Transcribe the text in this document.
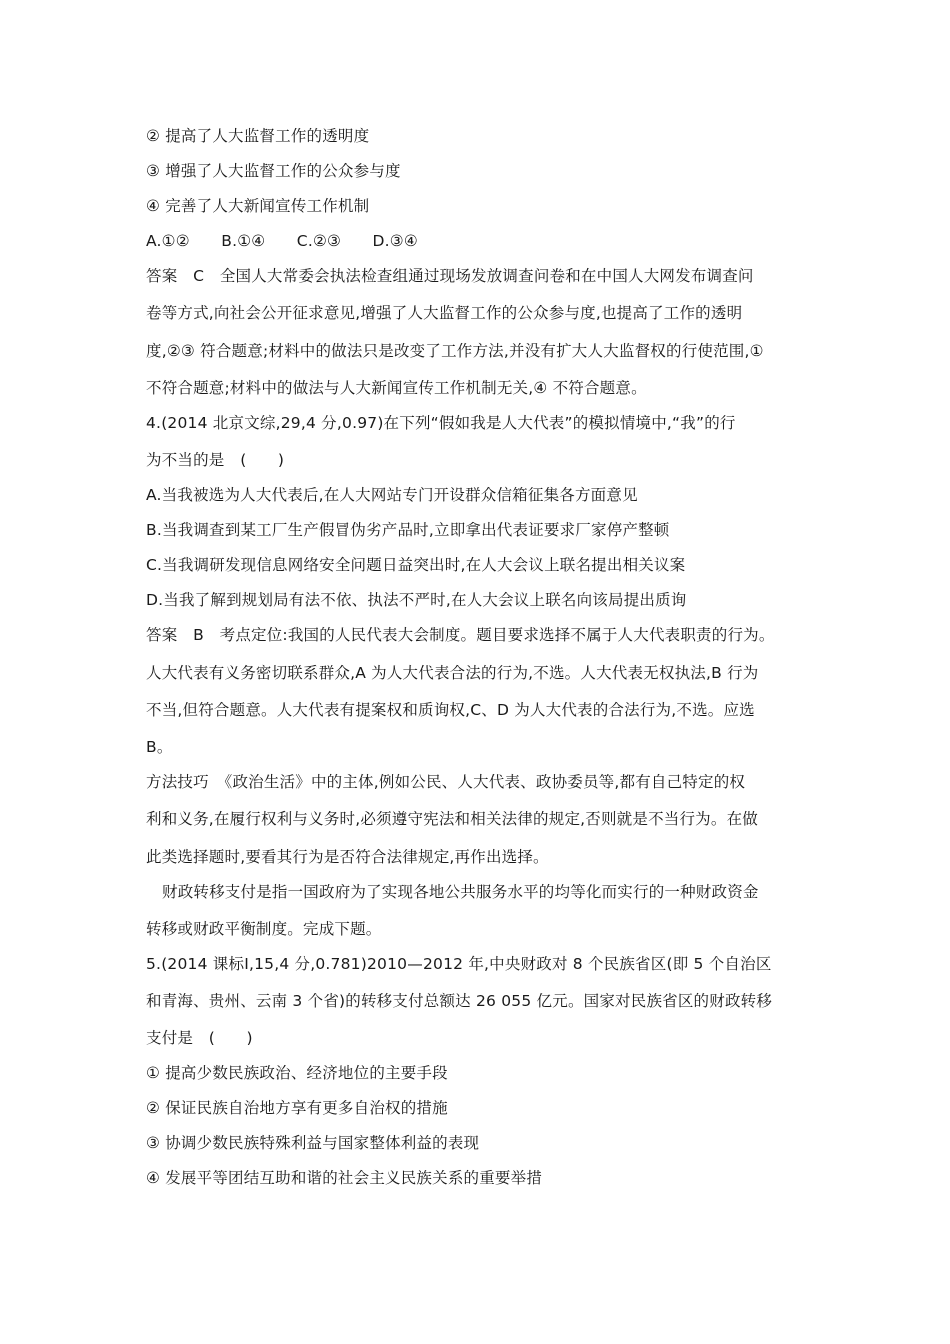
② 提高了人大监督工作的透明度
③ 增强了人大监督工作的公众参与度
④ 完善了人大新闻宣传工作机制
A.①②　　B.①④　　C.②③　　D.③④
答案　C　全国人大常委会执法检查组通过现场发放调查问卷和在中国人大网发布调查问
卷等方式,向社会公开征求意见,增强了人大监督工作的公众参与度,也提高了工作的透明
度,②③ 符合题意;材料中的做法只是改变了工作方法,并没有扩大人大监督权的行使范围,①
不符合题意;材料中的做法与人大新闻宣传工作机制无关,④ 不符合题意。
4.(2014 北京文综,29,4 分,0.97)在下列“假如我是人大代表”的模拟情境中,“我”的行
为不当的是　(　　)
A.当我被选为人大代表后,在人大网站专门开设群众信箱征集各方面意见
B.当我调查到某工厂生产假冒伪劣产品时,立即拿出代表证要求厂家停产整顿
C.当我调研发现信息网络安全问题日益突出时,在人大会议上联名提出相关议案
D.当我了解到规划局有法不依、执法不严时,在人大会议上联名向该局提出质询
答案　B　考点定位:我国的人民代表大会制度。题目要求选择不属于人大代表职责的行为。
人大代表有义务密切联系群众,A 为人大代表合法的行为,不选。人大代表无权执法,B 行为
不当,但符合题意。人大代表有提案权和质询权,C、D 为人大代表的合法行为,不选。应选
B。
方法技巧　《政治生活》中的主体,例如公民、人大代表、政协委员等,都有自己特定的权
利和义务,在履行权利与义务时,必须遵守宪法和相关法律的规定,否则就是不当行为。在做
此类选择题时,要看其行为是否符合法律规定,再作出选择。
财政转移支付是指一国政府为了实现各地公共服务水平的均等化而实行的一种财政资金
转移或财政平衡制度。完成下题。
5.(2014 课标Ⅰ,15,4 分,0.781)2010—2012 年,中央财政对 8 个民族省区(即 5 个自治区
和青海、贵州、云南 3 个省)的转移支付总额达 26 055 亿元。国家对民族省区的财政转移
支付是　(　　)
① 提高少数民族政治、经济地位的主要手段
② 保证民族自治地方享有更多自治权的措施
③ 协调少数民族特殊利益与国家整体利益的表现
④ 发展平等团结互助和谐的社会主义民族关系的重要举措
